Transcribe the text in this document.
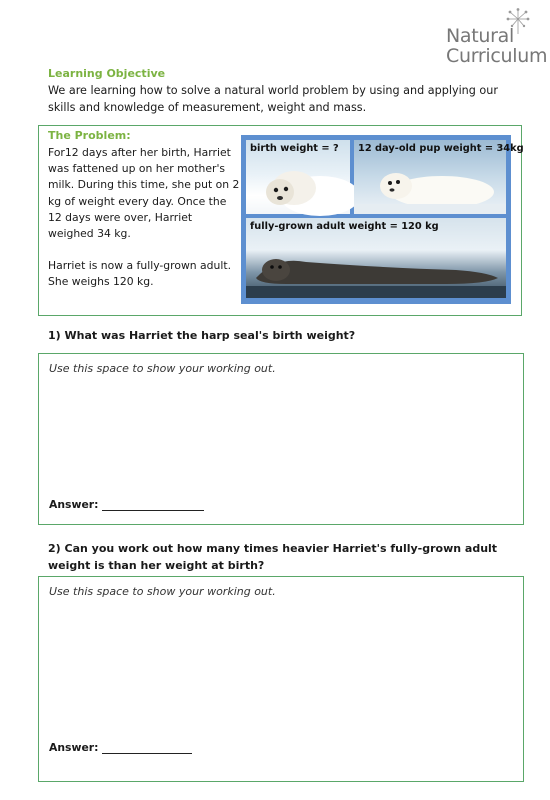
Natural
Curriculum
Learning Objective
We are learning how to solve a natural world problem by using and applying our skills and knowledge of measurement, weight and mass.
The Problem:

For12 days after her birth, Harriet was fattened up on her mother's milk. During this time, she put on 2 kg of weight every day. Once the 12 days were over, Harriet weighed 34 kg.

Harriet is now a fully-grown adult. She weighs 120 kg.

birth weight = ? 12 day-old pup weight = 34kg
fully-grown adult weight = 120 kg
1) What was Harriet the harp seal's birth weight?
Use this space to show your working out.
Answer:
2) Can you work out how many times heavier Harriet's fully-grown adult weight is than her weight at birth?
Use this space to show your working out.
Answer:
